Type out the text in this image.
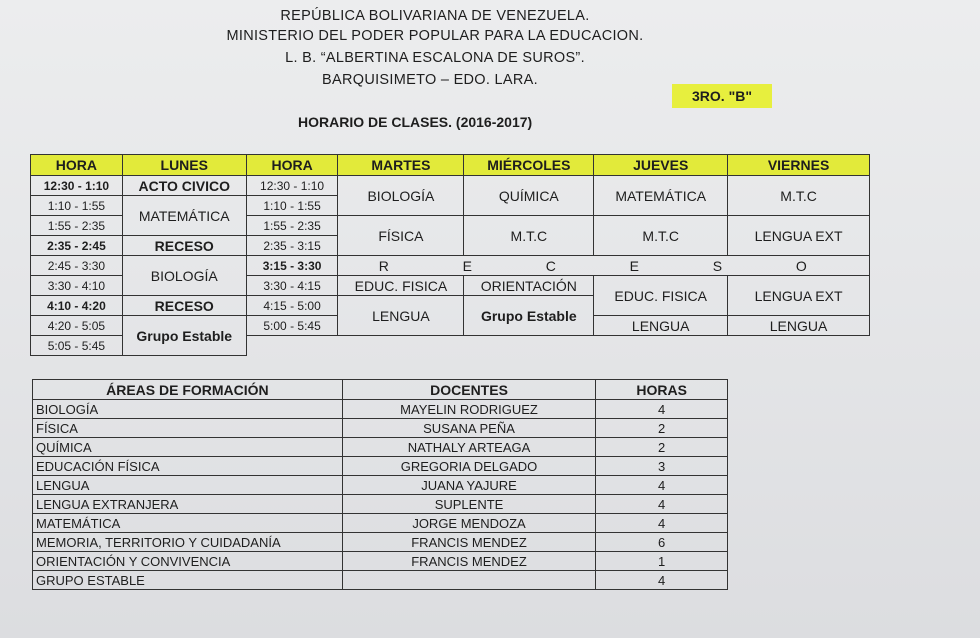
REPÚBLICA BOLIVARIANA DE VENEZUELA.
MINISTERIO DEL PODER POPULAR PARA LA EDUCACION.
L. B. “ALBERTINA ESCALONA DE SUROS”.
BARQUISIMETO – EDO. LARA.
3RO. "B"
HORARIO DE CLASES. (2016-2017)
HORA	LUNES	HORA	MARTES	MIÉRCOLES	JUEVES	VIERNES
12:30 - 1:10	ACTO CIVICO	12:30 - 1:10	BIOLOGÍA	QUÍMICA	MATEMÁTICA	M.T.C
1:10 - 1:55	MATEMÁTICA	1:10 - 1:55				
1:55 - 2:35		1:55 - 2:35	FÍSICA	M.T.C	M.T.C	LENGUA EXT
2:35 - 2:45	RECESO	2:35 - 3:15				
2:45 - 3:30	BIOLOGÍA	3:15 - 3:30	R  E  C  E  S  O			
3:30 - 4:10		3:30 - 4:15	EDUC. FISICA	ORIENTACIÓN	EDUC. FISICA	LENGUA EXT
4:10 - 4:20	RECESO	4:15 - 5:00	LENGUA	Grupo Estable		
4:20 - 5:05	Grupo Estable	5:00 - 5:45			LENGUA	LENGUA
5:05 - 5:45						
ÁREAS DE FORMACIÓN	DOCENTES	HORAS
BIOLOGÍA	MAYELIN RODRIGUEZ	4
FÍSICA	SUSANA PEÑA	2
QUÍMICA	NATHALY ARTEAGA	2
EDUCACIÓN FÍSICA	GREGORIA DELGADO	3
LENGUA	JUANA YAJURE	4
LENGUA EXTRANJERA	SUPLENTE	4
MATEMÁTICA	JORGE MENDOZA	4
MEMORIA, TERRITORIO Y CUIDADANÍA	FRANCIS MENDEZ	6
ORIENTACIÓN Y CONVIVENCIA	FRANCIS MENDEZ	1
GRUPO ESTABLE		4
